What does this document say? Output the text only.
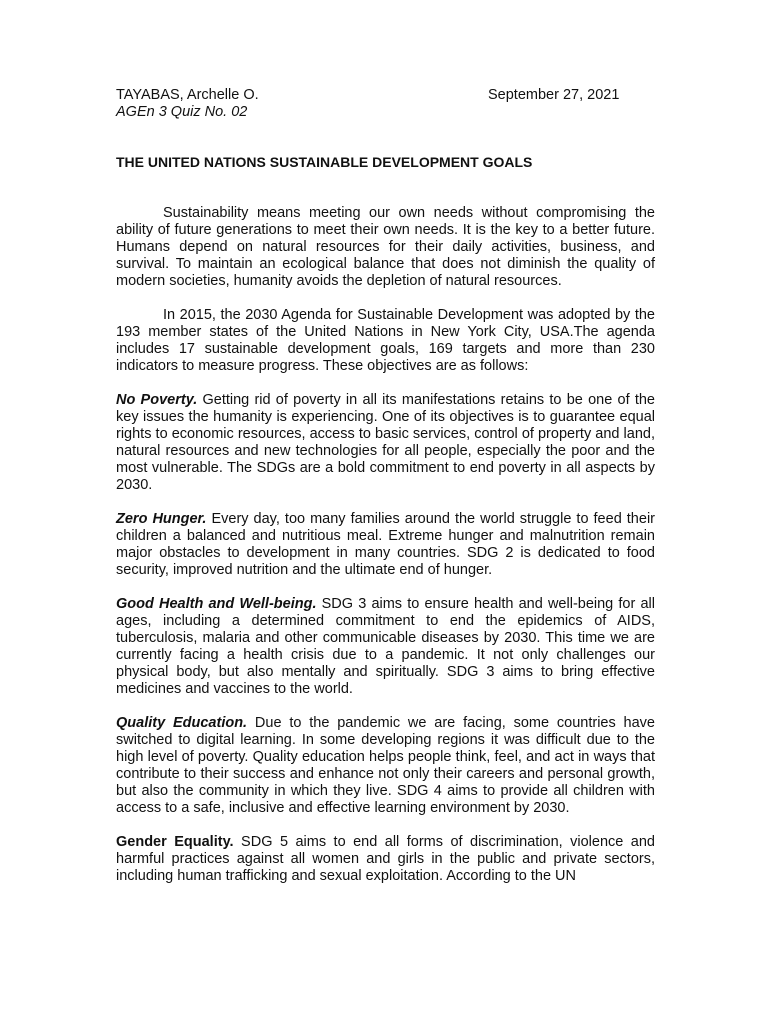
TAYABAS, Archelle O.	September 27, 2021
AGEn 3 Quiz No. 02
THE UNITED NATIONS SUSTAINABLE DEVELOPMENT GOALS

Sustainability means meeting our own needs without compromising the ability of future generations to meet their own needs. It is the key to a better future. Humans depend on natural resources for their daily activities, business, and survival. To maintain an ecological balance that does not diminish the quality of modern societies, humanity avoids the depletion of natural resources.

In 2015, the 2030 Agenda for Sustainable Development was adopted by the 193 member states of the United Nations in New York City, USA.The agenda includes 17 sustainable development goals, 169 targets and more than 230 indicators to measure progress. These objectives are as follows:

No Poverty. Getting rid of poverty in all its manifestations retains to be one of the key issues the humanity is experiencing. One of its objectives is to guarantee equal rights to economic resources, access to basic services, control of property and land, natural resources and new technologies for all people, especially the poor and the most vulnerable. The SDGs are a bold commitment to end poverty in all aspects by 2030.

Zero Hunger. Every day, too many families around the world struggle to feed their children a balanced and nutritious meal. Extreme hunger and malnutrition remain major obstacles to development in many countries. SDG 2 is dedicated to food security, improved nutrition and the ultimate end of hunger.

Good Health and Well-being. SDG 3 aims to ensure health and well-being for all ages, including a determined commitment to end the epidemics of AIDS, tuberculosis, malaria and other communicable diseases by 2030. This time we are currently facing a health crisis due to a pandemic. It not only challenges our physical body, but also mentally and spiritually. SDG 3 aims to bring effective medicines and vaccines to the world.

Quality Education. Due to the pandemic we are facing, some countries have switched to digital learning. In some developing regions it was difficult due to the high level of poverty. Quality education helps people think, feel, and act in ways that contribute to their success and enhance not only their careers and personal growth, but also the community in which they live. SDG 4 aims to provide all children with access to a safe, inclusive and effective learning environment by 2030.

Gender Equality. SDG 5 aims to end all forms of discrimination, violence and harmful practices against all women and girls in the public and private sectors, including human trafficking and sexual exploitation. According to the UN
